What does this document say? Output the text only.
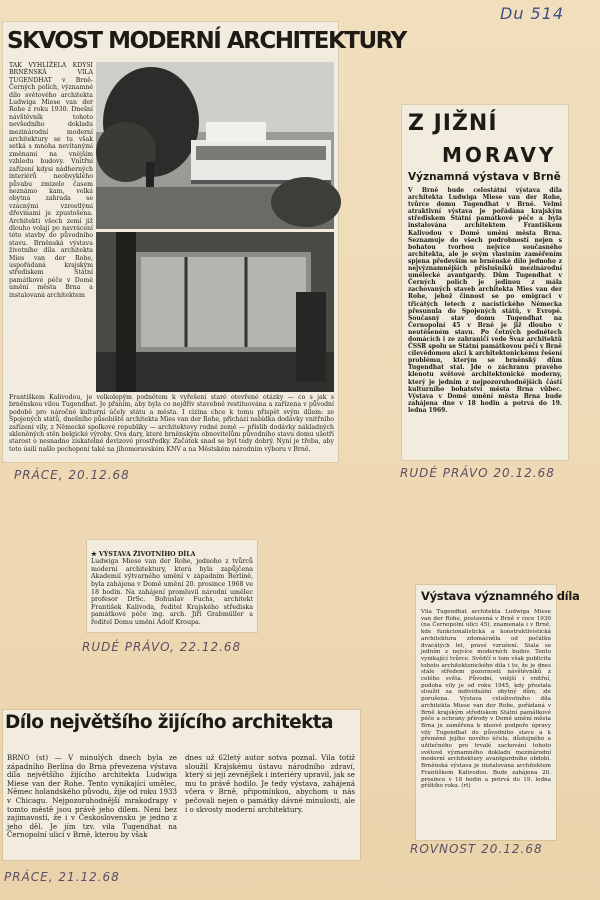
Du 514
SKVOST MODERNÍ ARCHITEKTURY
TAK VYHLÍŽELA KDYSI BRNĚNSKÁ VILA TUGENDHAT v Brně-Černých polích, významné dílo světového architekta Ludwiga Miese van der Rohe z roku 1930. Dnešní návštěvník tohoto nevšedního dokladu mezinárodní moderní architektury se tu však setká s mnoha nevítanými změnami na vnějším vzhledu budovy. Vnitřní zařízení kdysi nádherných interiérů neobvyklého půvabu zmizelo časem neznámo kam, velká obytná zahrada se vzácnými vzrostlými dřevinami je zpustošena. Architekti všech zemí již dlouho volají po navrácení této stavby do původního stavu. Brněnská výstava životního díla architekta Mies van der Rohe, uspořádaná krajským střediskem Státní památkové péče v Domě umění města Brna a instalovaná architektem
Františkem Kalivodou, je velkolepým podnětem k vyřešení staré otevřené otázky — co s jak s brněnskou vilou Tugendhat. Je přáním, aby byla co nejdřív stavebně restituována a zařízena v původní podobě pro náročné kulturní účely státu a města. I cizina chce k tomu přispět svým dílem: ze Spojených států, dnešního působiště architekta Mies van der Rohe, přichází nabídka dodávky vnitřního zařízení vily, z Německé spolkové republiky — architektovy rodné země — příslib dodávky nákladných skleněných stěn belgické výroby. Ova dary, které brněnským obnovitelům původního stavu domu ušetří starost o nesnadno získatelné devizové prostředky. Začátek snad se byl tedy dobrý. Nyní je třeba, aby toto úsilí našlo pochopení také na jihomoravském KNV a na Městském národním výboru v Brně.
PRÁCE, 20.12.68
Z JIŽNÍ
MORAVY
Významná výstava v Brně
V Brně bude celostátní výstava díla architekta Ludwiga Miese van der Rohe, tvůrce domu Tugendhat v Brně. Velmi atraktivní výstava je pořádána krajským střediskem Státní památkové péče a byla instalována architektem Františkem Kalivodou v Domě umění města Brna. Seznamuje do všech podrobností nejen s bohatou tvorbou nejvíce současného architekta, ale je svým vlastním zaměřením spjena především se brněnské dílo jednoho z nejvýznamnějších příslušníků mezinárodní umělecké avantgardy. Dům Tugendhat v Černých polích je jedinou z mála zachovaných staveb architekta Mies van der Rohe, jehož činnost se po emigraci v třicátých letech z nacistického Německa přesunula do Spojených států, v Evropě. Současný stav domu Tugendhat na Černopolní 45 v Brně je již dlouho v neutěšeném stavu. Po četných podnětech domácích i ze zahraničí vede Svaz architektů ČSSR spolu se Státní památkovou péčí v Brně cílevědomou akci k architektonickému řešení problému, kterým se brněnský dům Tugendhat stal. Jde o záchranu pravého klenotu světové architektonické moderny, který je jedním z nejpozoruhodnějších částí kulturního bohatství města Brna vůbec. Výstava v Domě umění města Brna bude zahájena dne v 18 hodin a potrvá do 19. ledna 1969.
RUDÉ PRÁVO 20.12.68

★ VÝSTAVA ŽIVOTNÍHO DÍLA
Ludwiga Miese van der Rohe, jednoho z tvůrců moderní architektury, která byla zapůjčena Akademií výtvarného umění v západním Berlíně, byla zahájena v Domě umění 20. prosince 1968 ve 18 hodin. Na zahájení promluvil národní umělec profesor DrSc. Bohuslav Fuchs, architekt František Kalivoda, ředitel Krajského střediska památkové péče ing. arch. Jiří Grabmüller a ředitel Domu umění Adolf Kroupa.

RUDÉ PRÁVO, 22.12.68
Výstava významného díla
Vila Tugendhat architekta Ludwiga Miese van der Rohe, postavená v Brně v roce 1930 (na Černopolní ulici 45), znamenala i v Brně, kde funkcionalistická a konstruktivistická architektura zdomácněla od počátku dvacátých let, pravé vzrušení. Stala se jedním z nejvíce moderních budov. Tento vynikající tvůrce. Svědčí o tom však publicita tohoto architektonického díla i to, že je dnes stále středem pozornosti návštěvníků z celého světa. Původní, vnější i vnitřní, podoba vily je od roku 1945, kdy přestala sloužit za individuální obytný dům, zle porušena. Výstava celoživotního díla architekta Miese van der Rohe, pořádaná v Brně krajským střediskem Státní památkové péče a ochrany přírody v Domě umění města Brna je zaměřena k ideové podpoře úpravy vily Tugendhat do původního stavu a k přeměně jejího nového účelu, důstojného a užitečného pro trvalé zachování tohoto světově významného dokladu mezinárodní moderní architektury avantgardního období. Brněnská výstava je instalována architektem Františkem Kalivodou. Bude zahájena 20. prosince v 18 hodin a potrvá do 19. ledna příštího roku. (rt)
ROVNOST 20.12.68
Dílo největšího žijícího architekta
BRNO (st) — V minulých dnech byla ze západního Berlína do Brna převezena výstava díla největšího žijícího architekta Ludwiga Miese van der Rohe. Tento vynikající umělec, Němec holandského původu, žije od roku 1933 v Chicagu. Nejpozoruhodnější mrakodrapy v tomto městě jsou právě jeho dílem. Není bez zajímavosti, že i v Československu je jedno z jeho děl. Je jím tzv. vila Tugendhat na Černopolní ulici v Brně, kterou by však
dnes už 62letý autor sotva poznal. Vila totiž sloužil Krajskému ústavu národního zdraví, který si její zevnějšek i interiéry upravil, jak se mu to právě hodilo. Je tedy výstava, zahájená včera v Brně, připomínkou, abychom u nás pečovali nejen o památky dávné minulosti, ale i o skvosty moderní architektury.
PRÁCE, 21.12.68
